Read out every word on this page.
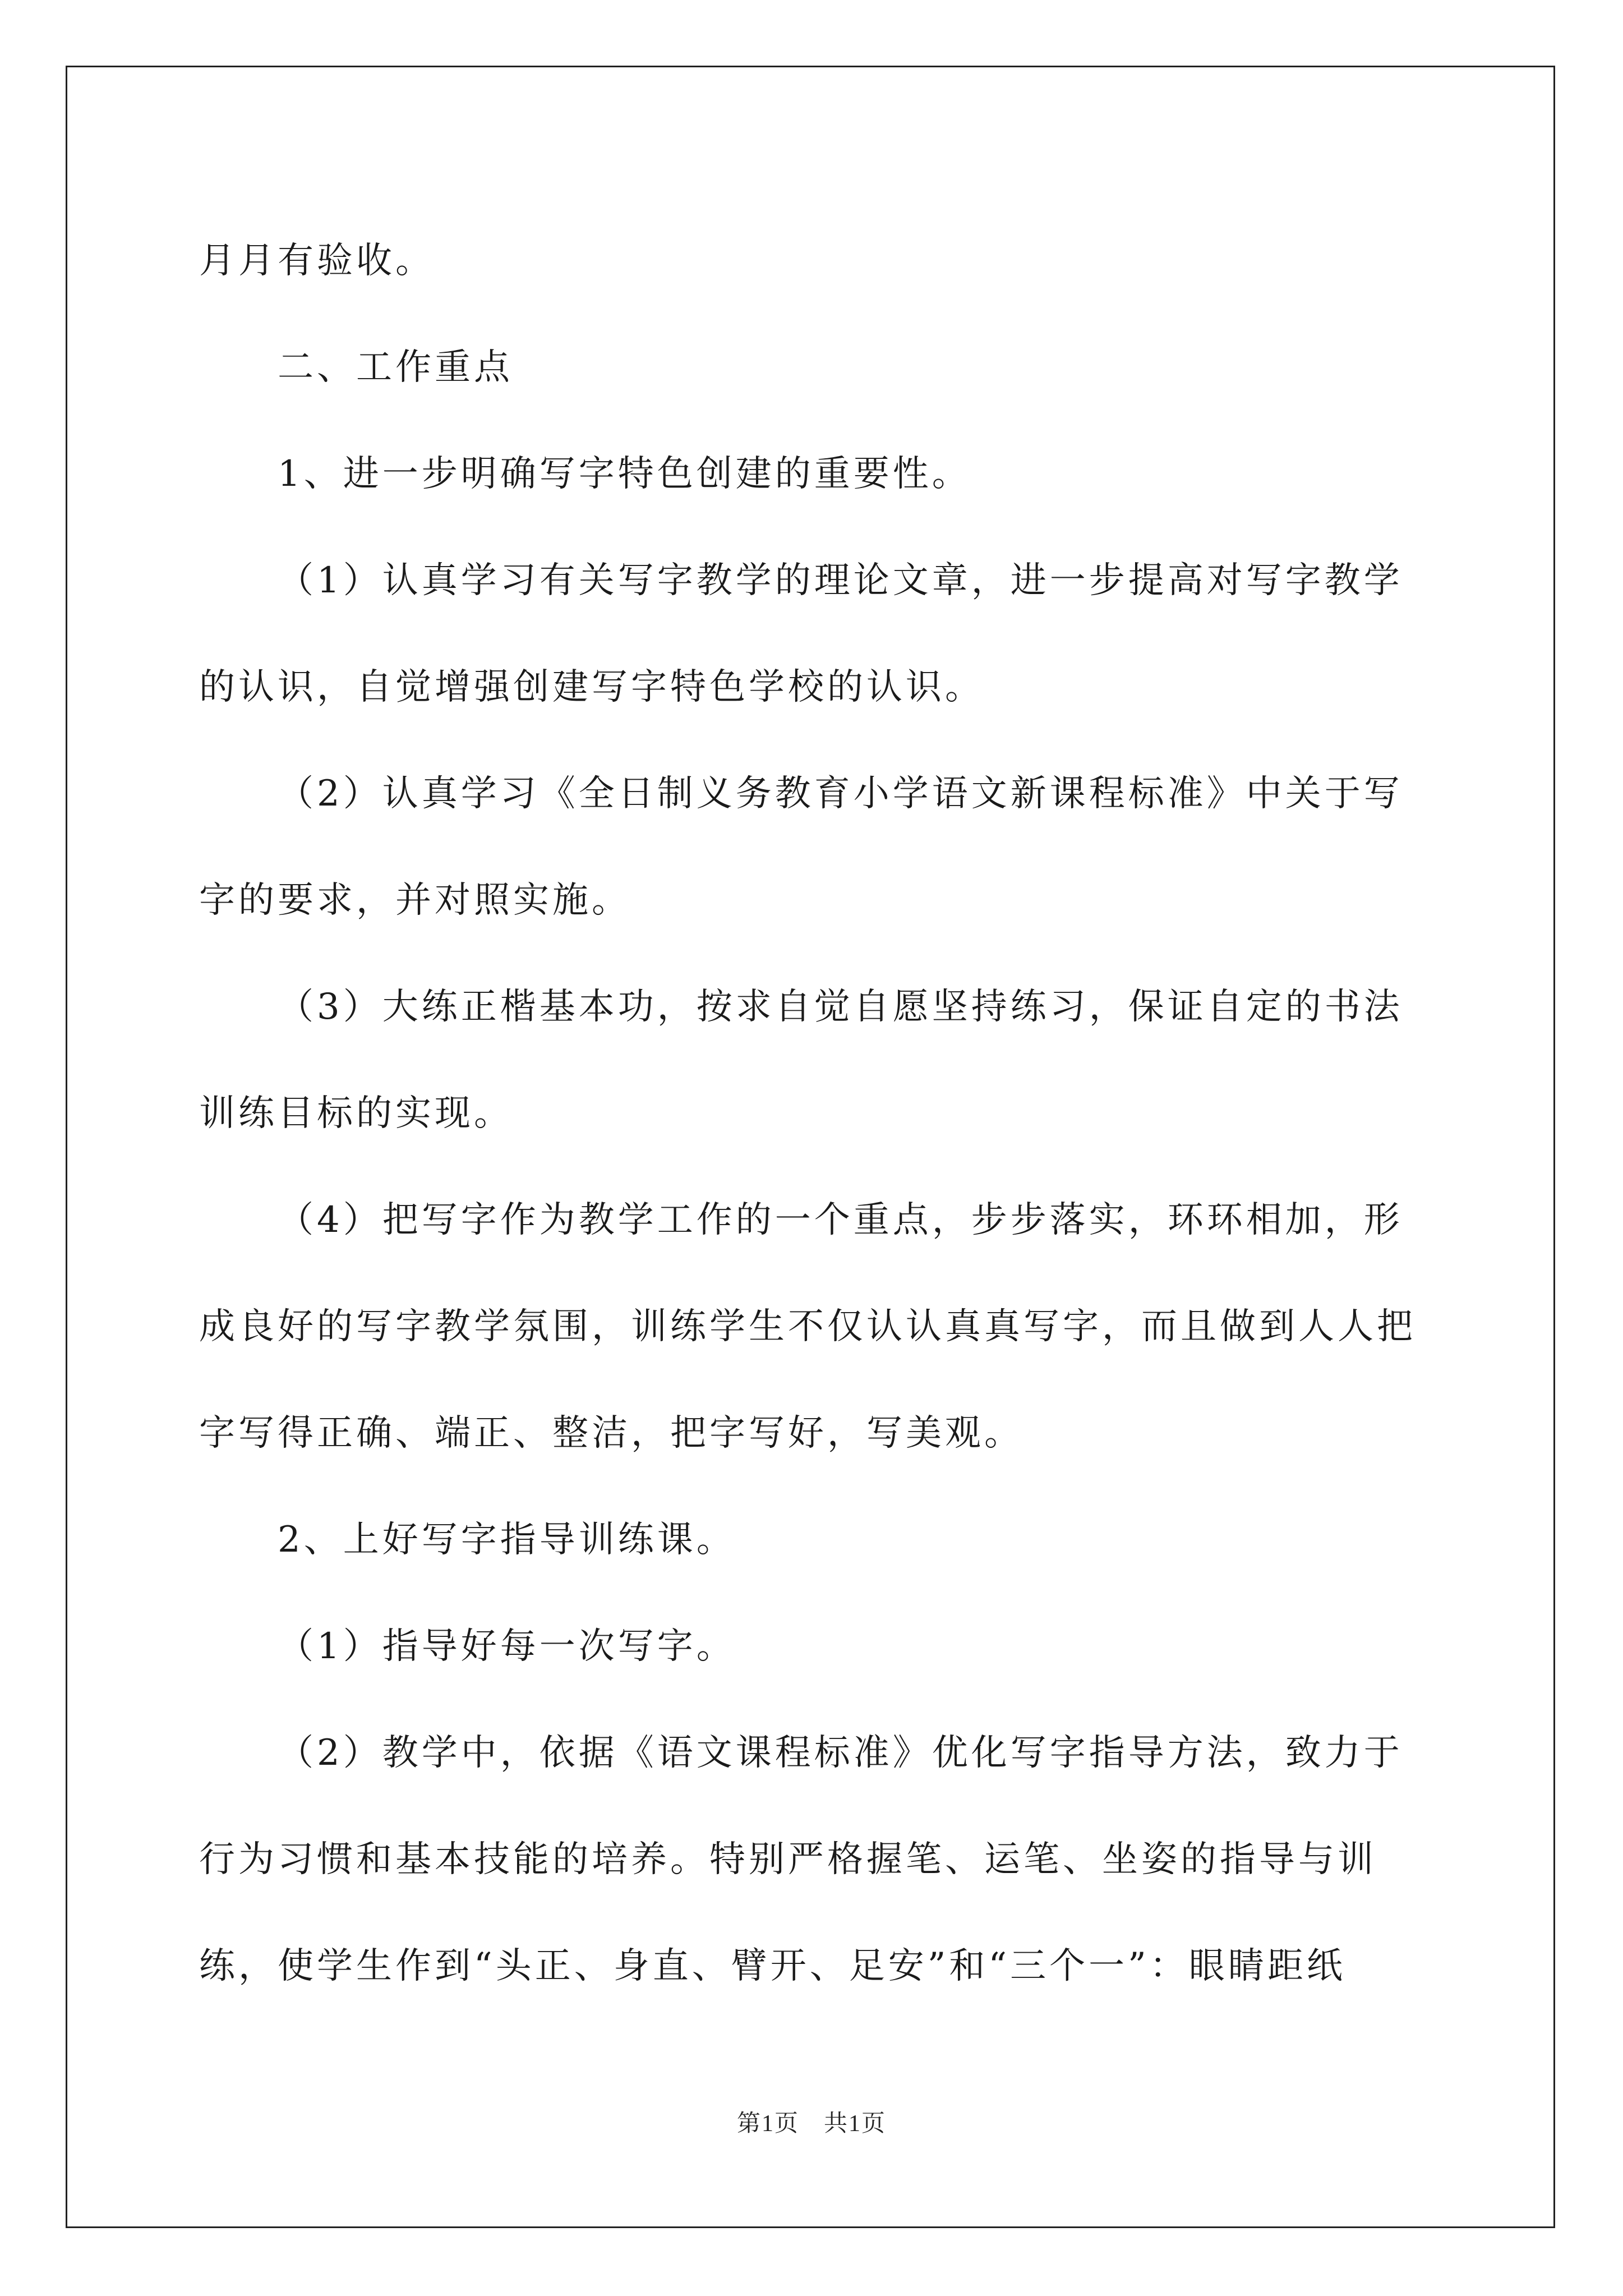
月月有验收。

二、工作重点

1、进一步明确写字特色创建的重要性。

（1）认真学习有关写字教学的理论文章，进一步提高对写字教学的认识，自觉增强创建写字特色学校的认识。

（2）认真学习《全日制义务教育小学语文新课程标准》中关于写字的要求，并对照实施。

（3）大练正楷基本功，按求自觉自愿坚持练习，保证自定的书法训练目标的实现。

（4）把写字作为教学工作的一个重点，步步落实，环环相加，形成良好的写字教学氛围，训练学生不仅认认真真写字，而且做到人人把字写得正确、端正、整洁，把字写好，写美观。

2、上好写字指导训练课。

（1）指导好每一次写字。

（2）教学中，依据《语文课程标准》优化写字指导方法，致力于行为习惯和基本技能的培养。特别严格握笔、运笔、坐姿的指导与训练，使学生作到“头正、身直、臂开、足安”和“三个一”：眼睛距纸

第1页 共1页
